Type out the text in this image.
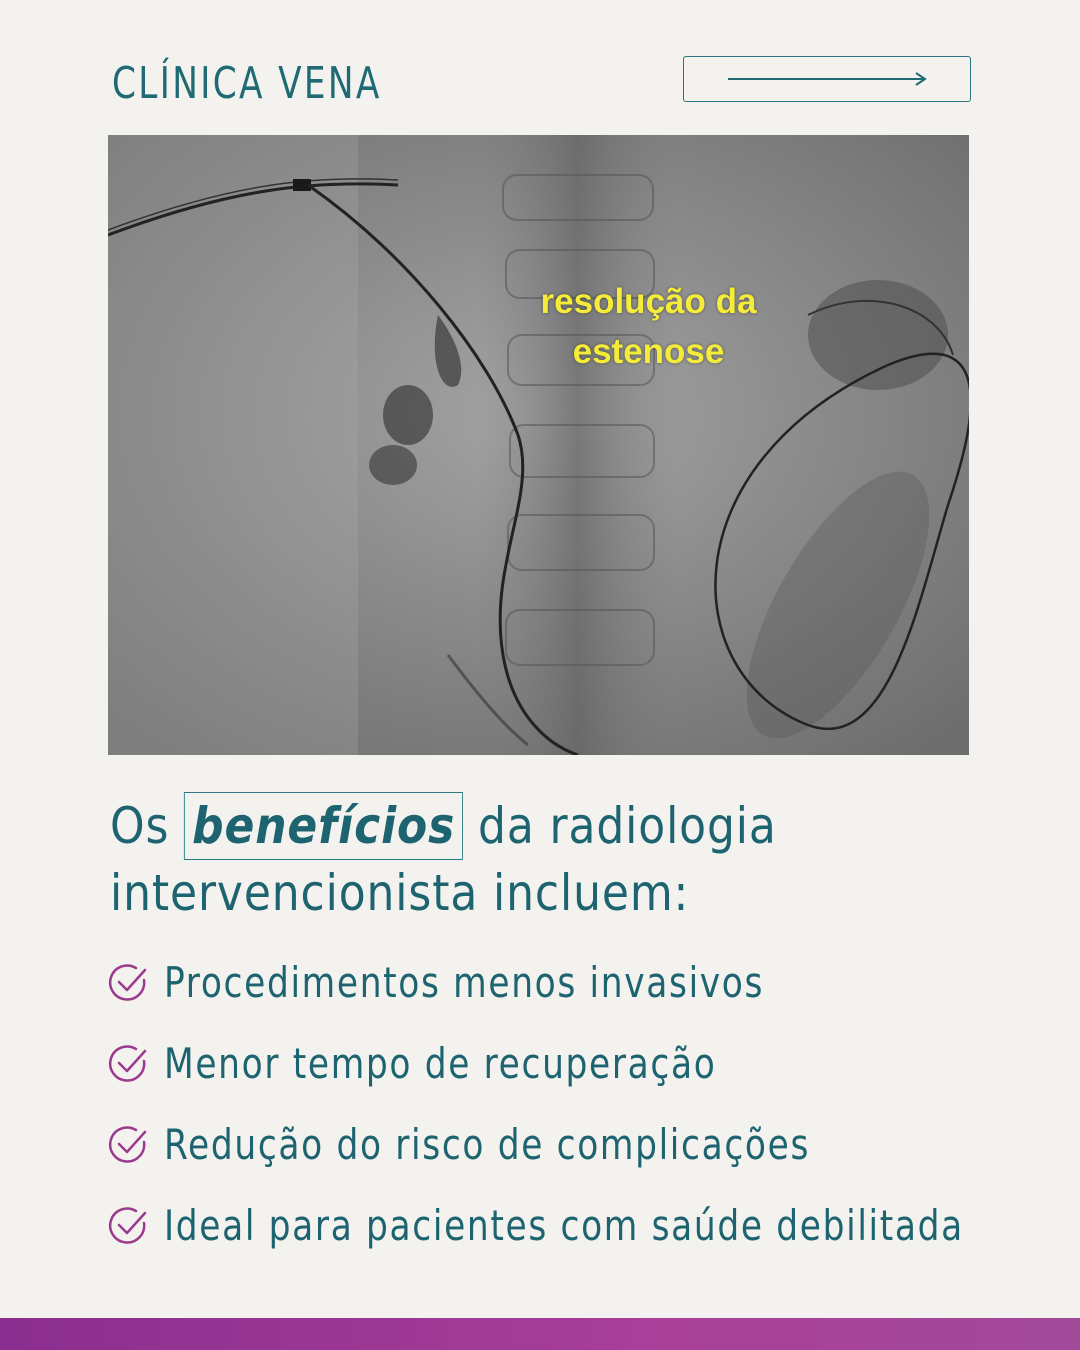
CLÍNICA VENA
resolução da
estenose
Os benefícios da radiologia
intervencionista incluem:
Procedimentos menos invasivos
Menor tempo de recuperação
Redução do risco de complicações
Ideal para pacientes com saúde debilitada
